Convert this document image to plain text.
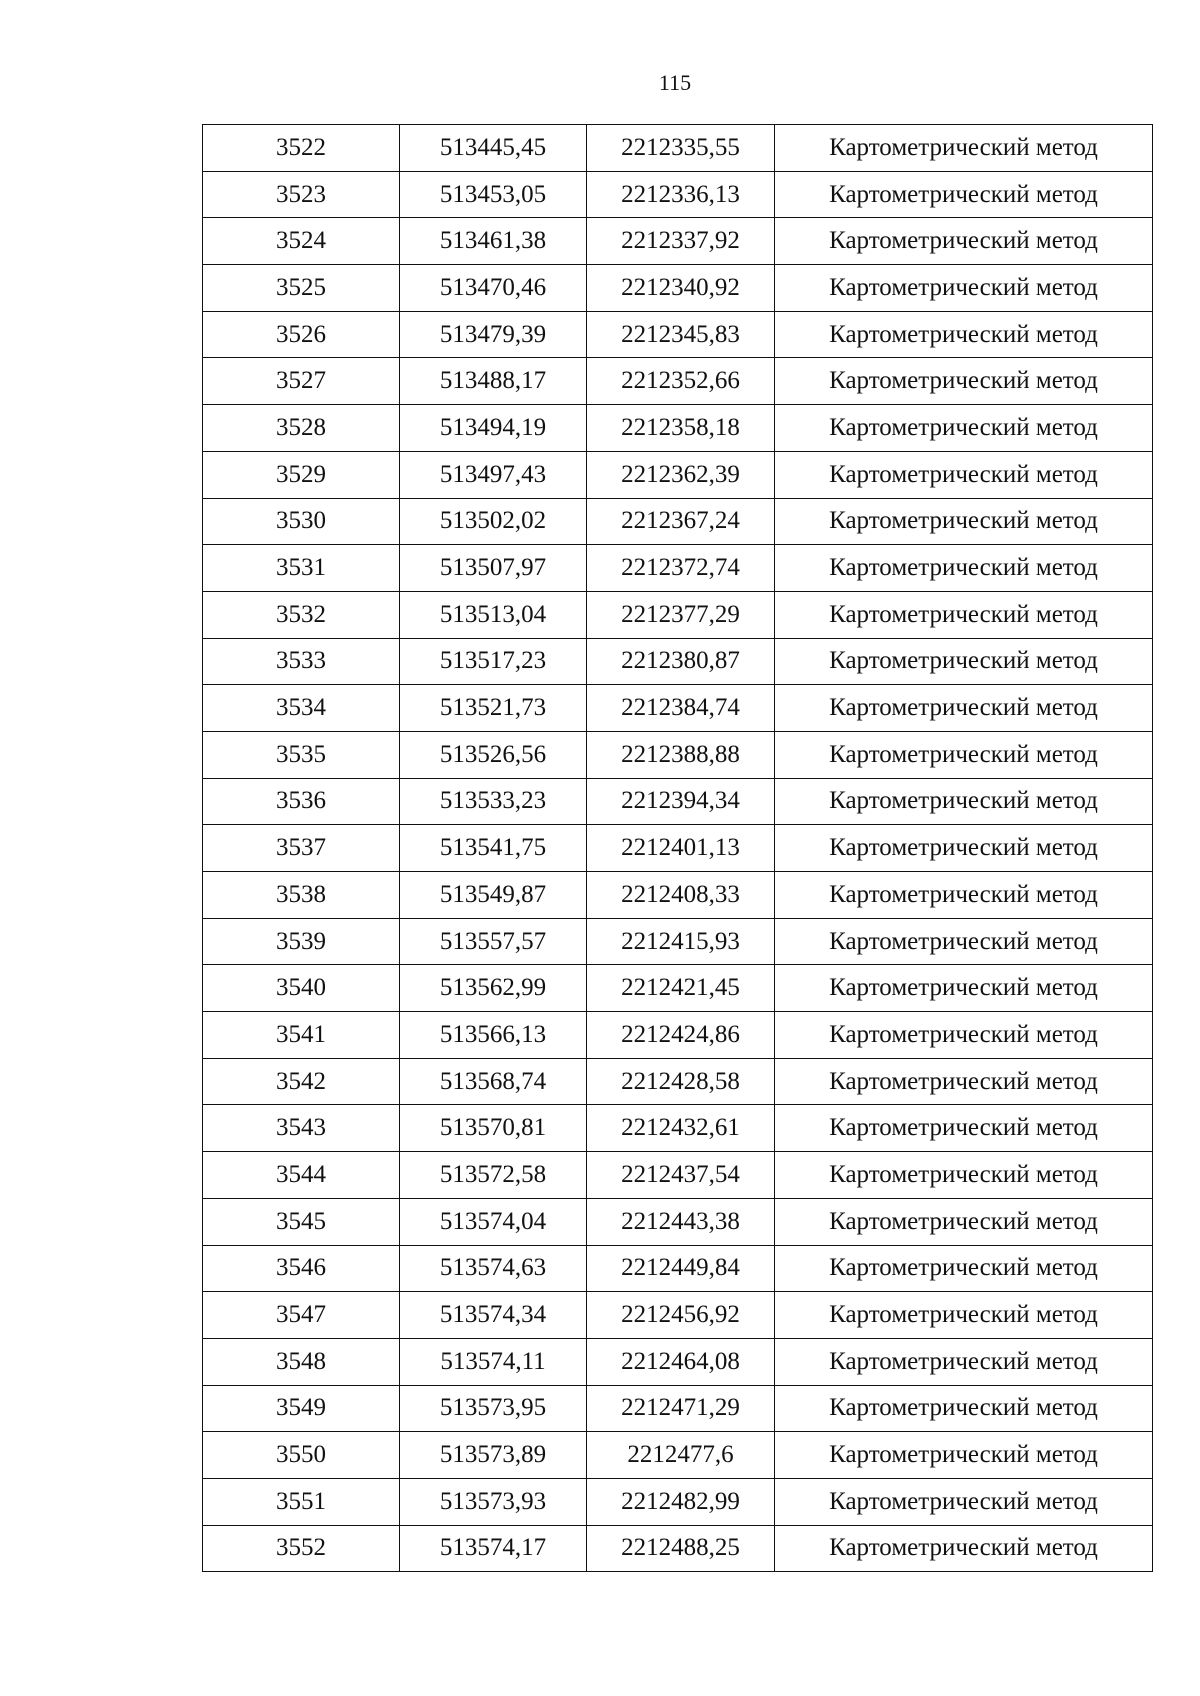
115
3522	513445,45	2212335,55	Картометрический метод
3523	513453,05	2212336,13	Картометрический метод
3524	513461,38	2212337,92	Картометрический метод
3525	513470,46	2212340,92	Картометрический метод
3526	513479,39	2212345,83	Картометрический метод
3527	513488,17	2212352,66	Картометрический метод
3528	513494,19	2212358,18	Картометрический метод
3529	513497,43	2212362,39	Картометрический метод
3530	513502,02	2212367,24	Картометрический метод
3531	513507,97	2212372,74	Картометрический метод
3532	513513,04	2212377,29	Картометрический метод
3533	513517,23	2212380,87	Картометрический метод
3534	513521,73	2212384,74	Картометрический метод
3535	513526,56	2212388,88	Картометрический метод
3536	513533,23	2212394,34	Картометрический метод
3537	513541,75	2212401,13	Картометрический метод
3538	513549,87	2212408,33	Картометрический метод
3539	513557,57	2212415,93	Картометрический метод
3540	513562,99	2212421,45	Картометрический метод
3541	513566,13	2212424,86	Картометрический метод
3542	513568,74	2212428,58	Картометрический метод
3543	513570,81	2212432,61	Картометрический метод
3544	513572,58	2212437,54	Картометрический метод
3545	513574,04	2212443,38	Картометрический метод
3546	513574,63	2212449,84	Картометрический метод
3547	513574,34	2212456,92	Картометрический метод
3548	513574,11	2212464,08	Картометрический метод
3549	513573,95	2212471,29	Картометрический метод
3550	513573,89	2212477,6	Картометрический метод
3551	513573,93	2212482,99	Картометрический метод
3552	513574,17	2212488,25	Картометрический метод
